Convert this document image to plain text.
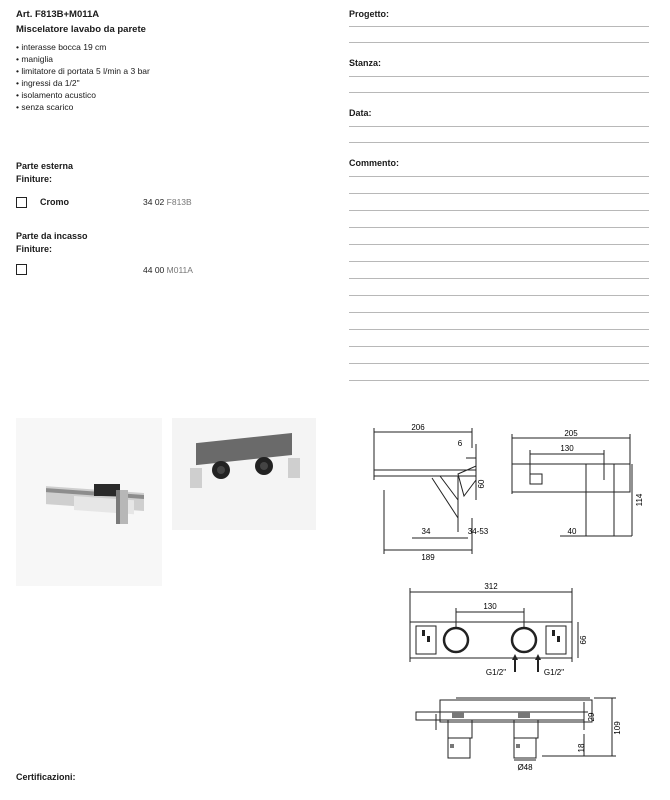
Art. F813B+M011A
Miscelatore lavabo da parete
• interasse bocca 19 cm
• maniglia
• limitatore di portata 5 l/min a 3 bar
• ingressi da 1/2"
• isolamento acustico
• senza scarico
Parte esterna
Finiture:
Cromo	34 02 F813B
Parte da incasso
Finiture:
44 00 M011A
Progetto:
Stanza:
Data:
Commento:
206
6
60
34	34-53
189
205
130
114
40
312
130
66
G1/2"	G1/2"
29
109
18
Ø48
Certificazioni:
